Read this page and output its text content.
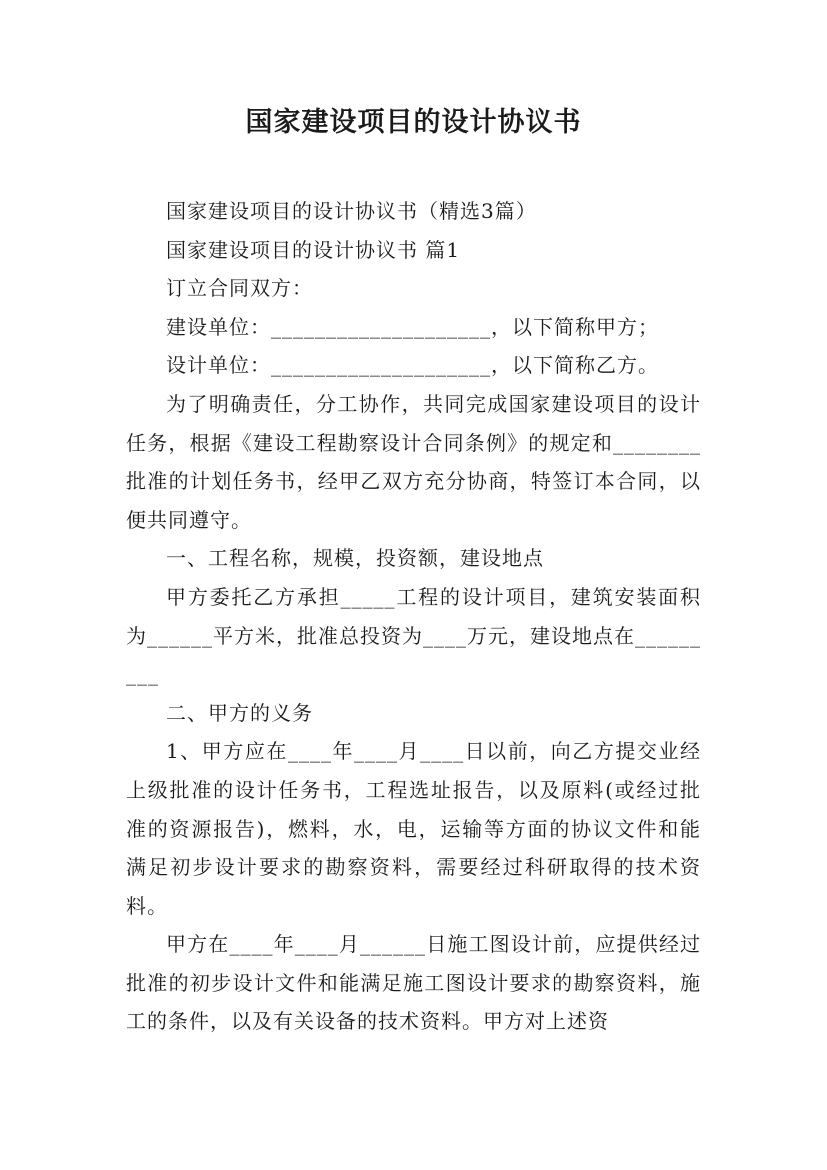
国家建设项目的设计协议书

国家建设项目的设计协议书（精选3篇）

国家建设项目的设计协议书 篇1

订立合同双方：

建设单位：____________________，以下简称甲方；

设计单位：____________________，以下简称乙方。

为了明确责任，分工协作，共同完成国家建设项目的设计任务，根据《建设工程勘察设计合同条例》的规定和________批准的计划任务书，经甲乙双方充分协商，特签订本合同，以便共同遵守。

一、工程名称，规模，投资额，建设地点

甲方委托乙方承担_____工程的设计项目，建筑安装面积为______平方米，批准总投资为____万元，建设地点在_________

二、甲方的义务

1、甲方应在____年____月____日以前，向乙方提交业经上级批准的设计任务书，工程选址报告，以及原料(或经过批准的资源报告)，燃料，水，电，运输等方面的协议文件和能满足初步设计要求的勘察资料，需要经过科研取得的技术资料。

甲方在____年____月______日施工图设计前，应提供经过批准的初步设计文件和能满足施工图设计要求的勘察资料，施工的条件，以及有关设备的技术资料。甲方对上述资
